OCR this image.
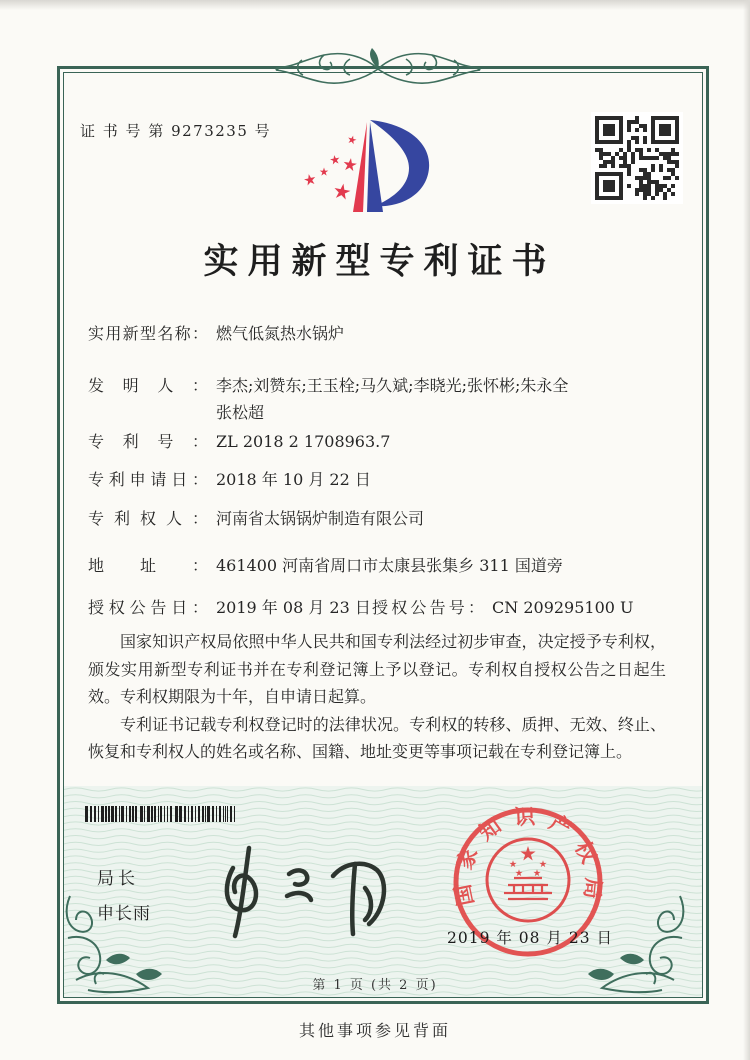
证 书 号 第 9273235 号
实用新型专利证书
实用新型名称： 燃气低氮热水锅炉
发明人： 李杰;刘赞东;王玉栓;马久斌;李晓光;张怀彬;朱永全
张松超
专利号： ZL 2018 2 1708963.7
专利申请日： 2018 年 10 月 22 日
专利权人： 河南省太锅锅炉制造有限公司
地址： 461400 河南省周口市太康县张集乡 311 国道旁
授权公告日： 2019 年 08 月 23 日 授权公告号： CN 209295100 U

国家知识产权局依照中华人民共和国专利法经过初步审查，决定授予专利权，颁发实用新型专利证书并在专利登记簿上予以登记。专利权自授权公告之日起生效。专利权期限为十年，自申请日起算。

专利证书记载专利权登记时的法律状况。专利权的转移、质押、无效、终止、恢复和专利权人的姓名或名称、国籍、地址变更等事项记载在专利登记簿上。

局长
申长雨
国家知识产权局
2019 年 08 月 23 日
第 1 页 (共 2 页)
其他事项参见背面
